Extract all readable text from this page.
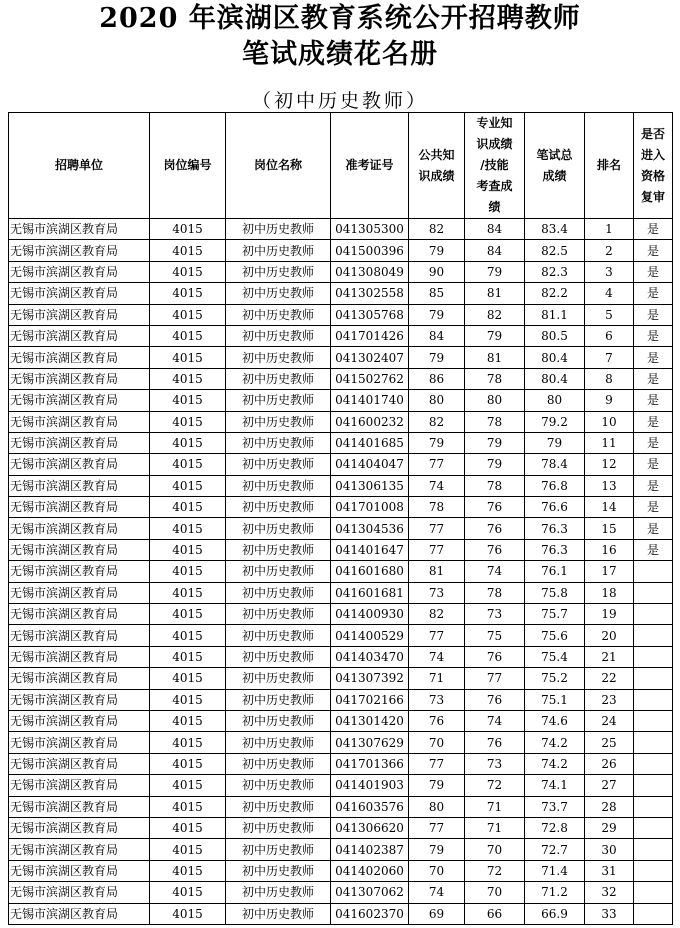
2020 年滨湖区教育系统公开招聘教师
笔试成绩花名册
（初中历史教师）
招聘单位	岗位编号	岗位名称	准考证号	公共知
识成绩	专业知
识成绩
/技能
考查成
绩	笔试总
成绩	排名	是否
进入
资格
复审
无锡市滨湖区教育局	4015	初中历史教师	041305300	82	84	83.4	1	是
无锡市滨湖区教育局	4015	初中历史教师	041500396	79	84	82.5	2	是
无锡市滨湖区教育局	4015	初中历史教师	041308049	90	79	82.3	3	是
无锡市滨湖区教育局	4015	初中历史教师	041302558	85	81	82.2	4	是
无锡市滨湖区教育局	4015	初中历史教师	041305768	79	82	81.1	5	是
无锡市滨湖区教育局	4015	初中历史教师	041701426	84	79	80.5	6	是
无锡市滨湖区教育局	4015	初中历史教师	041302407	79	81	80.4	7	是
无锡市滨湖区教育局	4015	初中历史教师	041502762	86	78	80.4	8	是
无锡市滨湖区教育局	4015	初中历史教师	041401740	80	80	80	9	是
无锡市滨湖区教育局	4015	初中历史教师	041600232	82	78	79.2	10	是
无锡市滨湖区教育局	4015	初中历史教师	041401685	79	79	79	11	是
无锡市滨湖区教育局	4015	初中历史教师	041404047	77	79	78.4	12	是
无锡市滨湖区教育局	4015	初中历史教师	041306135	74	78	76.8	13	是
无锡市滨湖区教育局	4015	初中历史教师	041701008	78	76	76.6	14	是
无锡市滨湖区教育局	4015	初中历史教师	041304536	77	76	76.3	15	是
无锡市滨湖区教育局	4015	初中历史教师	041401647	77	76	76.3	16	是
无锡市滨湖区教育局	4015	初中历史教师	041601680	81	74	76.1	17	
无锡市滨湖区教育局	4015	初中历史教师	041601681	73	78	75.8	18	
无锡市滨湖区教育局	4015	初中历史教师	041400930	82	73	75.7	19	
无锡市滨湖区教育局	4015	初中历史教师	041400529	77	75	75.6	20	
无锡市滨湖区教育局	4015	初中历史教师	041403470	74	76	75.4	21	
无锡市滨湖区教育局	4015	初中历史教师	041307392	71	77	75.2	22	
无锡市滨湖区教育局	4015	初中历史教师	041702166	73	76	75.1	23	
无锡市滨湖区教育局	4015	初中历史教师	041301420	76	74	74.6	24	
无锡市滨湖区教育局	4015	初中历史教师	041307629	70	76	74.2	25	
无锡市滨湖区教育局	4015	初中历史教师	041701366	77	73	74.2	26	
无锡市滨湖区教育局	4015	初中历史教师	041401903	79	72	74.1	27	
无锡市滨湖区教育局	4015	初中历史教师	041603576	80	71	73.7	28	
无锡市滨湖区教育局	4015	初中历史教师	041306620	77	71	72.8	29	
无锡市滨湖区教育局	4015	初中历史教师	041402387	79	70	72.7	30	
无锡市滨湖区教育局	4015	初中历史教师	041402060	70	72	71.4	31	
无锡市滨湖区教育局	4015	初中历史教师	041307062	74	70	71.2	32	
无锡市滨湖区教育局	4015	初中历史教师	041602370	69	66	66.9	33	
